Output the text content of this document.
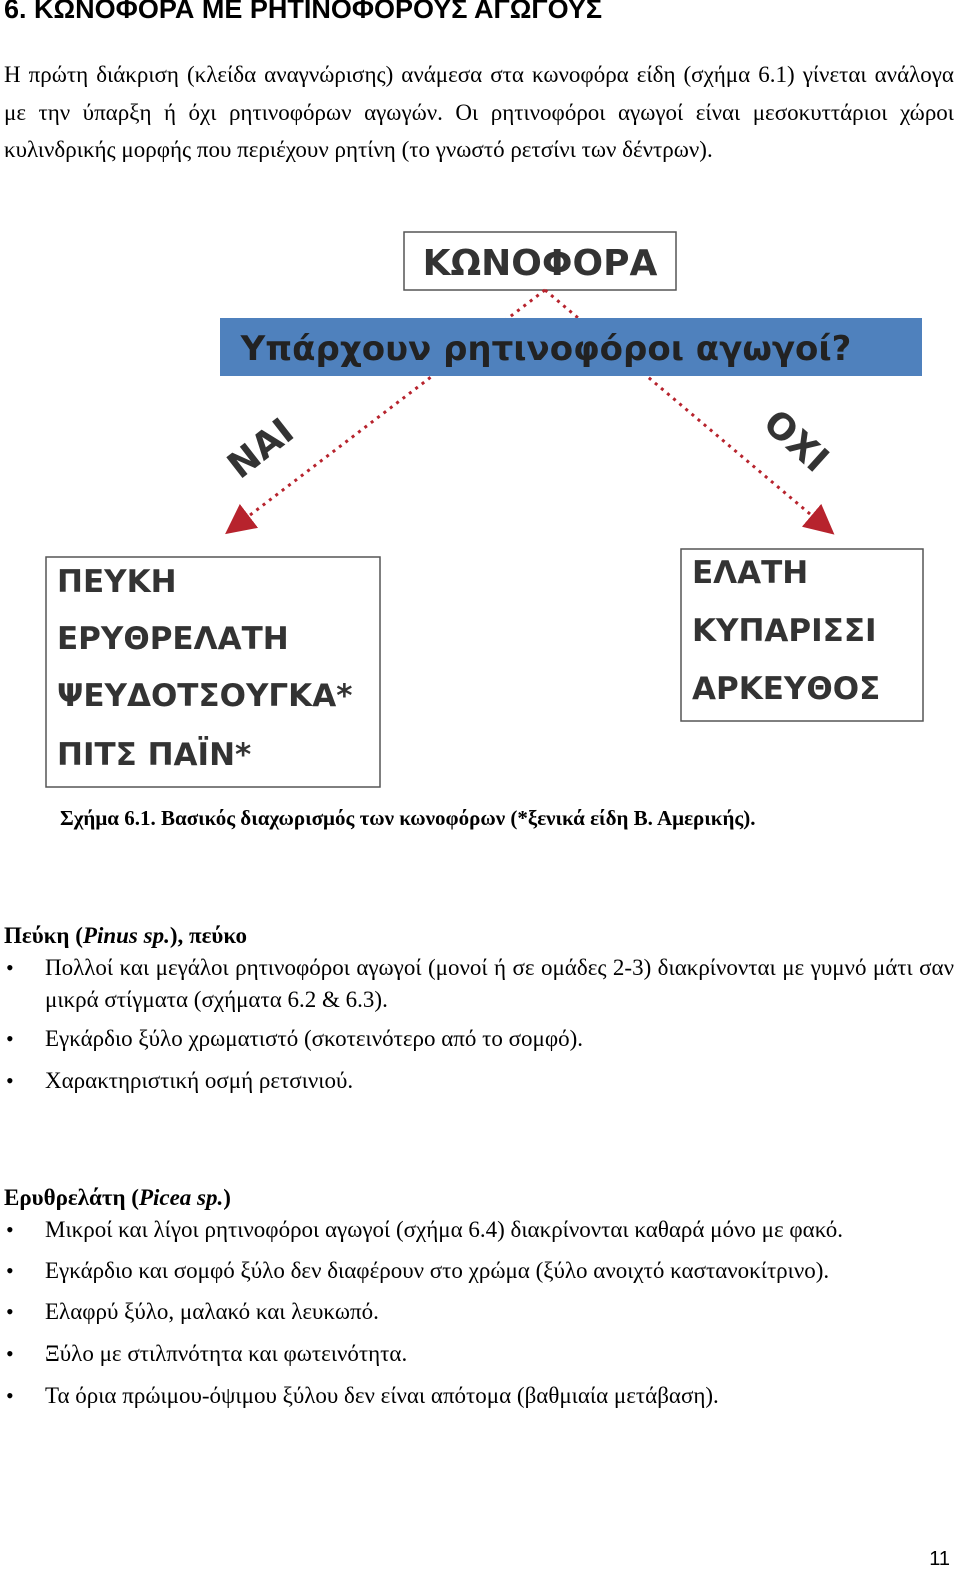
6. ΚΩΝΟΦΟΡΑ ΜΕ ΡΗΤΙΝΟΦΟΡΟΥΣ ΑΓΩΓΟΥΣ

Η πρώτη διάκριση (κλείδα αναγνώρισης) ανάμεσα στα κωνοφόρα είδη (σχήμα 6.1) γίνεται ανάλογα με την ύπαρξη ή όχι ρητινοφόρων αγωγών. Οι ρητινοφόροι αγωγοί είναι μεσοκυττάριοι χώροι κυλινδρικής μορφής που περιέχουν ρητίνη (το γνωστό ρετσίνι των δέντρων).

ΚΩΝΟΦΟΡΑ
Υπάρχουν ρητινοφόροι αγωγοί?
ΝΑΙ	ΟΧΙ
ΠΕΥΚΗ
ΕΡΥΘΡΕΛΑΤΗ
ΨΕΥΔΟΤΣΟΥΓΚΑ*
ΠΙΤΣ ΠΑΪΝ*
ΕΛΑΤΗ
ΚΥΠΑΡΙΣΣΙ
ΑΡΚΕΥΘΟΣ
Σχήμα 6.1. Βασικός διαχωρισμός των κωνοφόρων (*ξενικά είδη Β. Αμερικής).
Πεύκη (Pinus sp.), πεύκο
• Πολλοί και μεγάλοι ρητινοφόροι αγωγοί (μονοί ή σε ομάδες 2-3) διακρίνονται με γυμνό μάτι σαν μικρά στίγματα (σχήματα 6.2 & 6.3).
• Εγκάρδιο ξύλο χρωματιστό (σκοτεινότερο από το σομφό).
• Χαρακτηριστική οσμή ρετσινιού.
Ερυθρελάτη (Picea sp.)
• Μικροί και λίγοι ρητινοφόροι αγωγοί (σχήμα 6.4) διακρίνονται καθαρά μόνο με φακό.
• Εγκάρδιο και σομφό ξύλο δεν διαφέρουν στο χρώμα (ξύλο ανοιχτό καστανοκίτρινο).
• Ελαφρύ ξύλο, μαλακό και λευκωπό.
• Ξύλο με στιλπνότητα και φωτεινότητα.
• Τα όρια πρώιμου-όψιμου ξύλου δεν είναι απότομα (βαθμιαία μετάβαση).
11
